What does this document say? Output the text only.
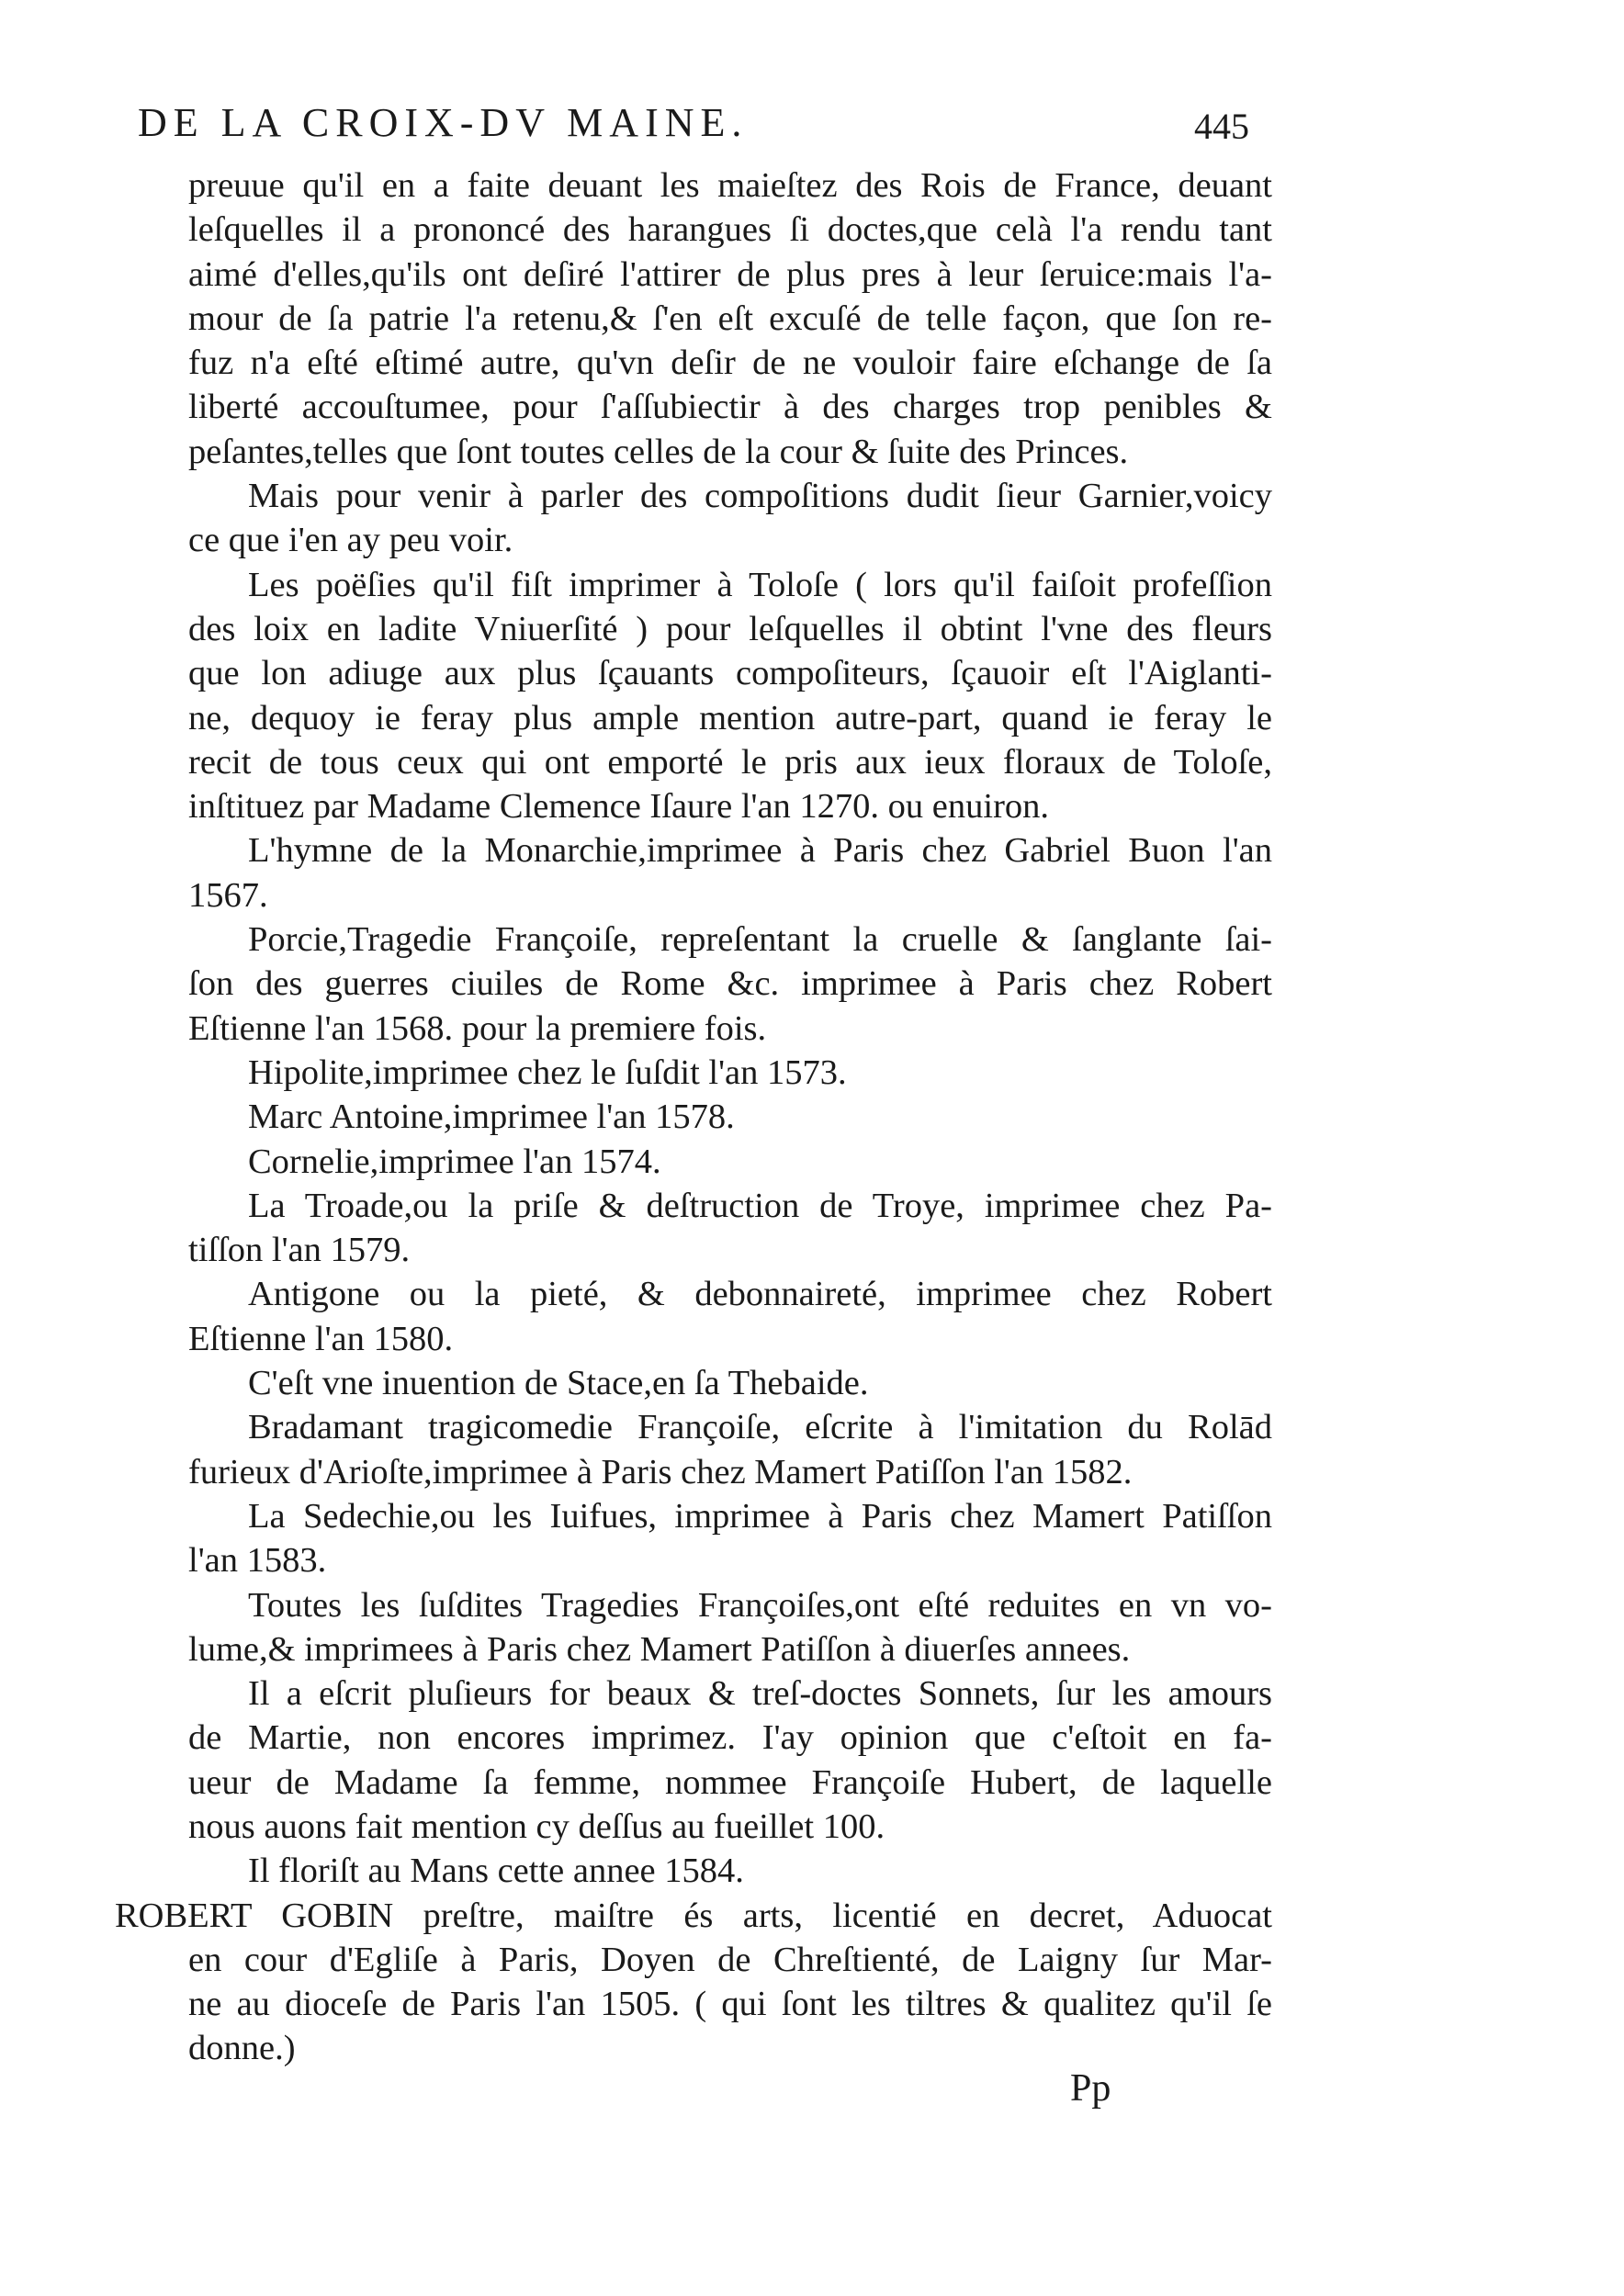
DE LA CROIX-DV MAINE.	445
preuue qu'il en a faite deuant les maieſtez des Rois de France, deuant
leſquelles il a prononcé des harangues ſi doctes,que celà l'a rendu tant
aimé d'elles,qu'ils ont deſiré l'attirer de plus pres à leur ſeruice:mais l'a-
mour de ſa patrie l'a retenu,& ſ'en eſt excuſé de telle façon, que ſon re-
fuz n'a eſté eſtimé autre, qu'vn deſir de ne vouloir faire eſchange de ſa
liberté accouſtumee, pour ſ'aſſubiectir à des charges trop penibles &
peſantes,telles que ſont toutes celles de la cour & ſuite des Princes.
Mais pour venir à parler des compoſitions dudit ſieur Garnier,voicy
ce que i'en ay peu voir.
Les poëſies qu'il fiſt imprimer à Toloſe ( lors qu'il faiſoit profeſſion
des loix en ladite Vniuerſité ) pour leſquelles il obtint l'vne des fleurs
que lon adiuge aux plus ſçauants compoſiteurs, ſçauoir eſt l'Aiglanti-
ne, dequoy ie feray plus ample mention autre-part, quand ie feray le
recit de tous ceux qui ont emporté le pris aux ieux floraux de Toloſe,
inſtituez par Madame Clemence Iſaure l'an 1270. ou enuiron.
L'hymne de la Monarchie,imprimee à Paris chez Gabriel Buon l'an
1567.
Porcie,Tragedie Françoiſe, repreſentant la cruelle & ſanglante ſai-
ſon des guerres ciuiles de Rome &c. imprimee à Paris chez Robert
Eſtienne l'an 1568. pour la premiere fois.
Hipolite,imprimee chez le ſuſdit l'an 1573.
Marc Antoine,imprimee l'an 1578.
Cornelie,imprimee l'an 1574.
La Troade,ou la priſe & deſtruction de Troye, imprimee chez Pa-
tiſſon l'an 1579.
Antigone ou la pieté, & debonnaireté, imprimee chez Robert
Eſtienne l'an 1580.
C'eſt vne inuention de Stace,en ſa Thebaide.
Bradamant tragicomedie Françoiſe, eſcrite à l'imitation du Rolād
furieux d'Arioſte,imprimee à Paris chez Mamert Patiſſon l'an 1582.
La Sedechie,ou les Iuifues, imprimee à Paris chez Mamert Patiſſon
l'an 1583.
Toutes les ſuſdites Tragedies Françoiſes,ont eſté reduites en vn vo-
lume,& imprimees à Paris chez Mamert Patiſſon à diuerſes annees.
Il a eſcrit pluſieurs for beaux & treſ-doctes Sonnets, ſur les amours
de Martie, non encores imprimez. I'ay opinion que c'eſtoit en fa-
ueur de Madame ſa femme, nommee Françoiſe Hubert, de laquelle
nous auons fait mention cy deſſus au fueillet 100.
Il floriſt au Mans cette annee 1584.
ROBERT GOBIN preſtre, maiſtre és arts, licentié en decret, Aduocat
en cour d'Egliſe à Paris, Doyen de Chreſtienté, de Laigny ſur Mar-
ne au dioceſe de Paris l'an 1505. ( qui ſont les tiltres & qualitez qu'il ſe
donne.)
Pp
